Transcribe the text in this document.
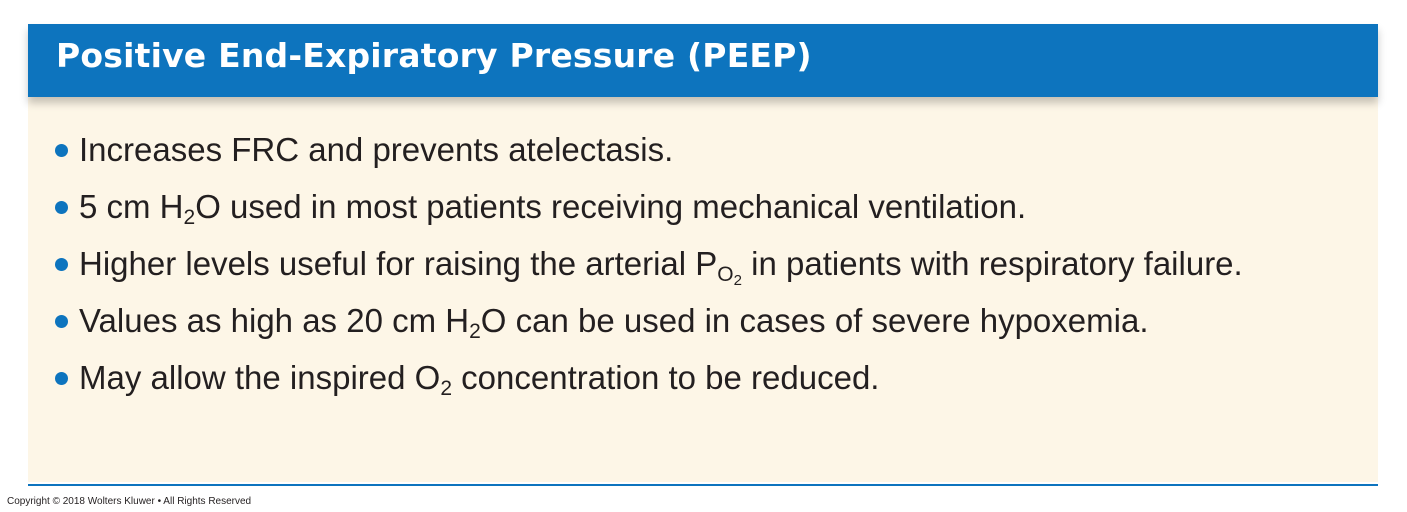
Positive End-Expiratory Pressure (PEEP)
Increases FRC and prevents atelectasis.
5 cm $H_2O$ used in most patients receiving mechanical ventilation.
Higher levels useful for raising the arterial $P_{O_2}$ in patients with respiratory failure.
Values as high as 20 cm $H_2O$ can be used in cases of severe hypoxemia.
May allow the inspired $O_2$ concentration to be reduced.
Copyright © 2018 Wolters Kluwer • All Rights Reserved
